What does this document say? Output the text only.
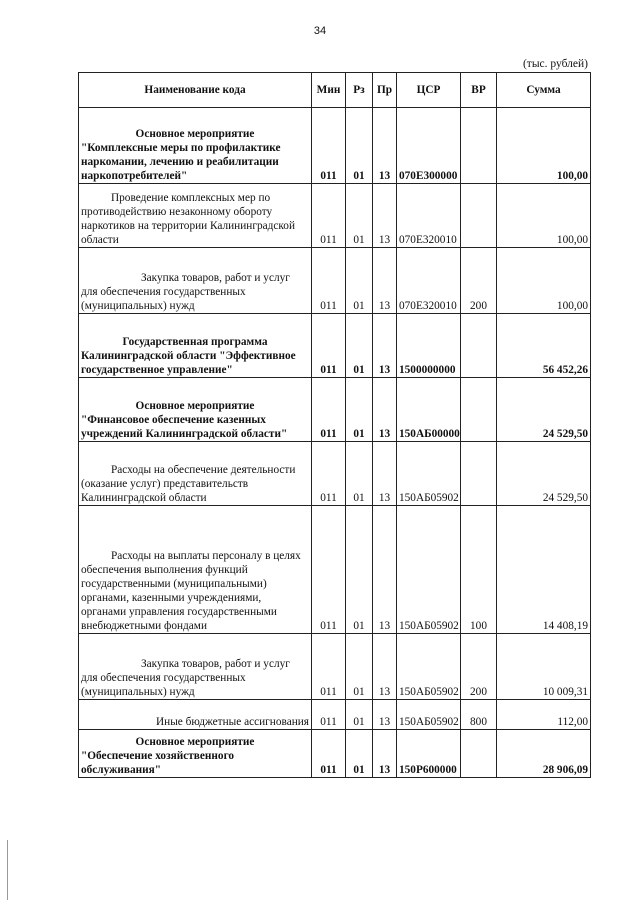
34
(тыс. рублей)
Наименование кода	Мин	Рз	Пр	ЦСР	ВР	Сумма

Основное мероприятие
"Комплексные меры по профилактике наркомании, лечению и реабилитации наркопотребителей"	011	01	13	070E300000		100,00
Проведение комплексных мер по противодействию незаконному обороту наркотиков на территории Калининградской области	011	01	13	070E320010		100,00
Закупка товаров, работ и услуг для обеспечения государственных (муниципальных) нужд	011	01	13	070E320010	200	100,00

Государственная программа
Калининградской области "Эффективное государственное управление"	011	01	13	1500000000		56 452,26

Основное мероприятие
"Финансовое обеспечение казенных учреждений Калининградской области"	011	01	13	150АБ00000		24 529,50
Расходы на обеспечение деятельности (оказание услуг) представительств Калининградской области	011	01	13	150АБ05902		24 529,50
Расходы на выплаты персоналу в целях обеспечения выполнения функций государственными (муниципальными) органами, казенными учреждениями, органами управления государственными внебюджетными фондами	011	01	13	150АБ05902	100	14 408,19
Закупка товаров, работ и услуг для обеспечения государственных (муниципальных) нужд	011	01	13	150АБ05902	200	10 009,31
Иные бюджетные ассигнования	011	01	13	150АБ05902	800	112,00

Основное мероприятие
"Обеспечение хозяйственного обслуживания"	011	01	13	150Р600000		28 906,09
